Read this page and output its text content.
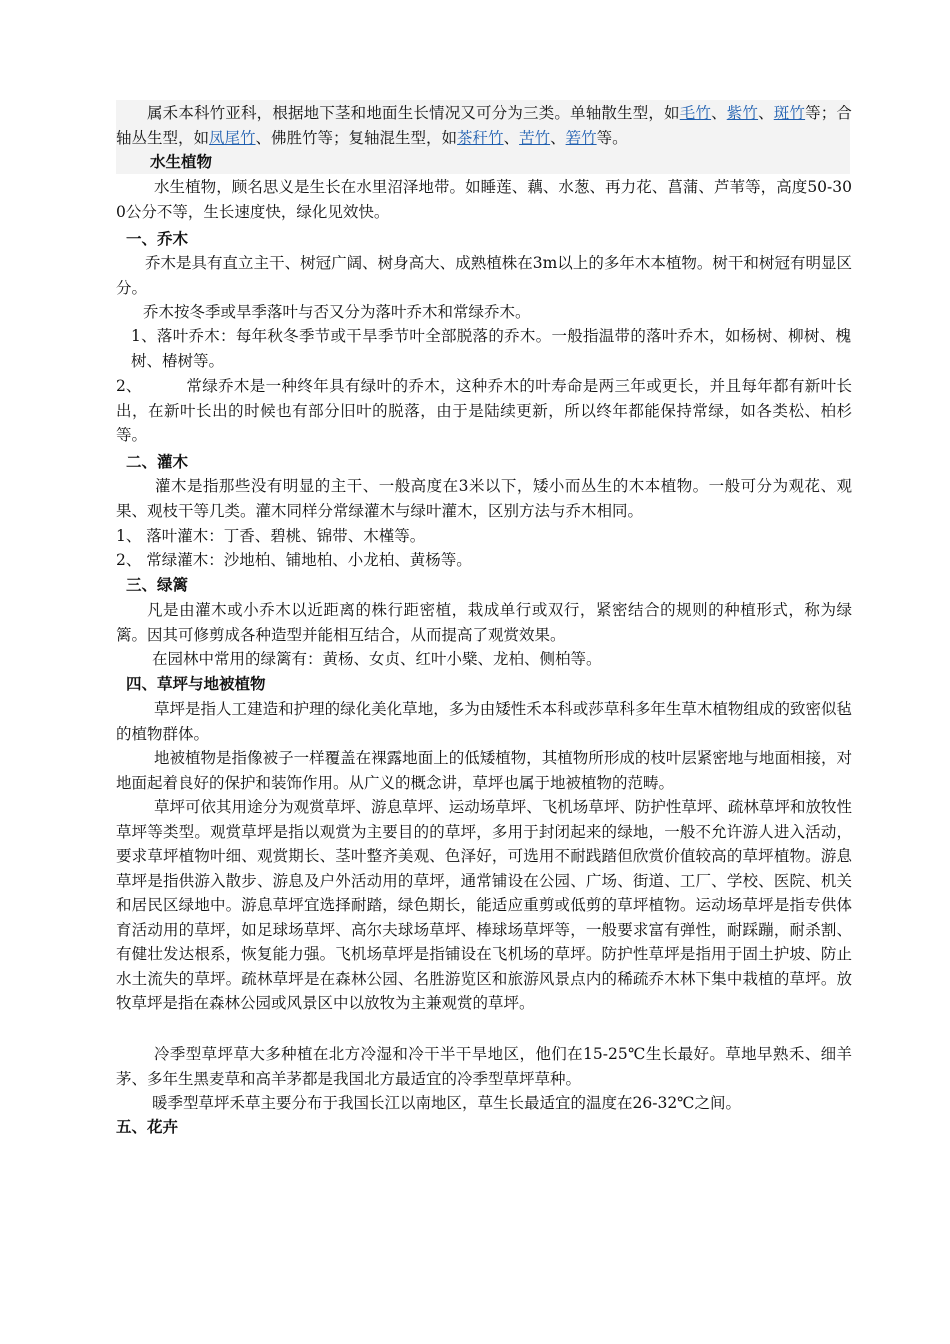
属禾本科竹亚科，根据地下茎和地面生长情况又可分为三类。单轴散生型，如毛竹、紫竹、斑竹等；合轴丛生型，如凤尾竹、佛胜竹等；复轴混生型，如茶秆竹、苦竹、箬竹等。
水生植物
水生植物，顾名思义是生长在水里沼泽地带。如睡莲、藕、水葱、再力花、菖蒲、芦苇等，高度50-300公分不等，生长速度快，绿化见效快。
一、乔木
乔木是具有直立主干、树冠广阔、树身高大、成熟植株在3m以上的多年木本植物。树干和树冠有明显区分。
乔木按冬季或旱季落叶与否又分为落叶乔木和常绿乔木。
1、落叶乔木：每年秋冬季节或干旱季节叶全部脱落的乔木。一般指温带的落叶乔木，如杨树、柳树、槐树、椿树等。
2、	常绿乔木是一种终年具有绿叶的乔木，这种乔木的叶寿命是两三年或更长，并且每年都有新叶长出，在新叶长出的时候也有部分旧叶的脱落，由于是陆续更新，所以终年都能保持常绿，如各类松、柏杉等。
二、灌木
灌木是指那些没有明显的主干、一般高度在3米以下，矮小而丛生的木本植物。一般可分为观花、观果、观枝干等几类。灌木同样分常绿灌木与绿叶灌木，区别方法与乔木相同。
1、 落叶灌木：丁香、碧桃、锦带、木槿等。
2、 常绿灌木：沙地柏、铺地柏、小龙柏、黄杨等。
三、绿篱
凡是由灌木或小乔木以近距离的株行距密植，栽成单行或双行，紧密结合的规则的种植形式，称为绿篱。因其可修剪成各种造型并能相互结合，从而提高了观赏效果。
在园林中常用的绿篱有：黄杨、女贞、红叶小檗、龙柏、侧柏等。
四、草坪与地被植物
草坪是指人工建造和护理的绿化美化草地，多为由矮性禾本科或莎草科多年生草木植物组成的致密似毡的植物群体。
地被植物是指像被子一样覆盖在裸露地面上的低矮植物，其植物所形成的枝叶层紧密地与地面相接，对地面起着良好的保护和装饰作用。从广义的概念讲，草坪也属于地被植物的范畴。
草坪可依其用途分为观赏草坪、游息草坪、运动场草坪、飞机场草坪、防护性草坪、疏林草坪和放牧性草坪等类型。观赏草坪是指以观赏为主要目的的草坪，多用于封闭起来的绿地，一般不允许游人进入活动，要求草坪植物叶细、观赏期长、茎叶整齐美观、色泽好，可选用不耐践踏但欣赏价值较高的草坪植物。游息草坪是指供游入散步、游息及户外活动用的草坪，通常铺设在公园、广场、街道、工厂、学校、医院、机关和居民区绿地中。游息草坪宜选择耐踏，绿色期长，能适应重剪或低剪的草坪植物。运动场草坪是指专供体育活动用的草坪，如足球场草坪、高尔夫球场草坪、棒球场草坪等，一般要求富有弹性，耐踩蹦，耐杀割、有健壮发达根系，恢复能力强。飞机场草坪是指铺设在飞机场的草坪。防护性草坪是指用于固土护坡、防止水土流失的草坪。疏林草坪是在森林公园、名胜游览区和旅游风景点内的稀疏乔木林下集中栽植的草坪。放牧草坪是指在森林公园或风景区中以放牧为主兼观赏的草坪。
冷季型草坪草大多种植在北方冷湿和冷干半干旱地区，他们在15-25℃生长最好。草地早熟禾、细羊茅、多年生黑麦草和高羊茅都是我国北方最适宜的冷季型草坪草种。
暖季型草坪禾草主要分布于我国长江以南地区，草生长最适宜的温度在26-32℃之间。
五、花卉
